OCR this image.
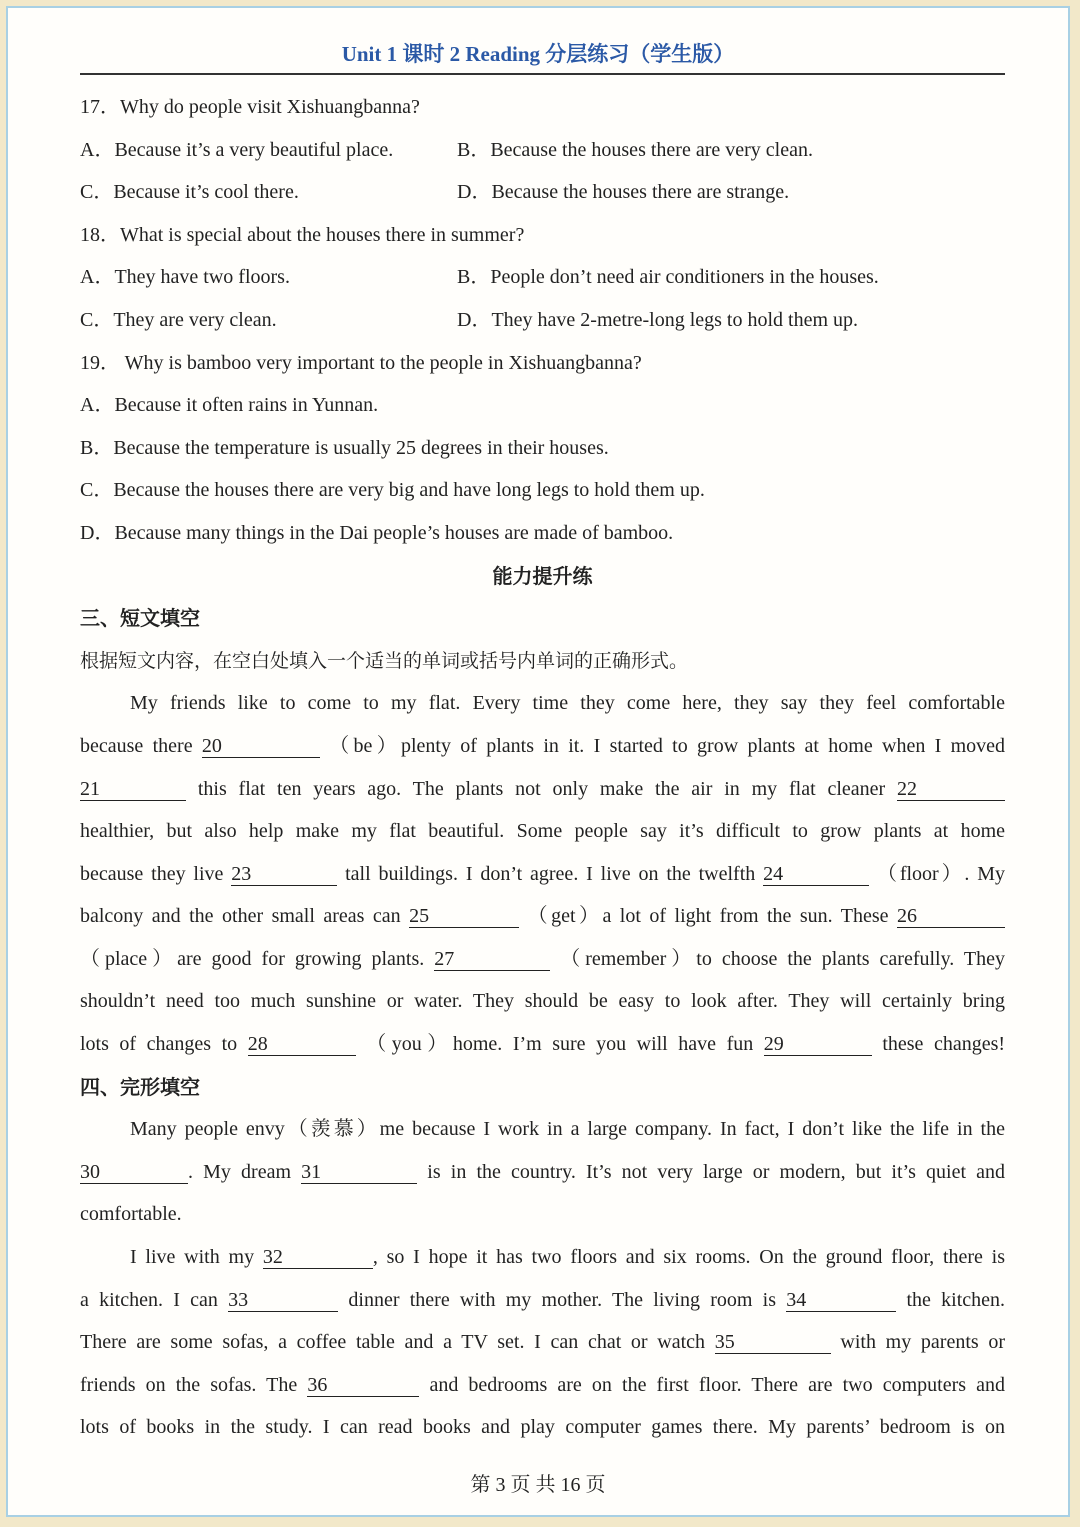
Unit 1 课时 2 Reading 分层练习（学生版）
17．Why do people visit Xishuangbanna?
A．Because it’s a very beautiful place.	B．Because the houses there are very clean.
C．Because it’s cool there.	D．Because the houses there are strange.
18．What is special about the houses there in summer?
A．They have two floors.	B．People don’t need air conditioners in the houses.
C．They are very clean.	D．They have 2-metre-long legs to hold them up.
19． Why is bamboo very important to the people in Xishuangbanna?
A．Because it often rains in Yunnan.
B．Because the temperature is usually 25 degrees in their houses.
C．Because the houses there are very big and have long legs to hold them up.
D．Because many things in the Dai people’s houses are made of bamboo.
能力提升练
三、短文填空
根据短文内容，在空白处填入一个适当的单词或括号内单词的正确形式。
My friends like to come to my flat. Every time they come here, they say they feel comfortable
because there 20	（be）plenty of plants in it. I started to grow plants at home when I moved
21	this flat ten years ago. The plants not only make the air in my flat cleaner 22
healthier, but also help make my flat beautiful. Some people say it’s difficult to grow plants at home
because they live 23	tall buildings. I don’t agree. I live on the twelfth 24	（floor）. My
balcony and the other small areas can 25	（get）a lot of light from the sun. These 26
（place）are good for growing plants. 27	（remember）to choose the plants carefully. They
shouldn’t need too much sunshine or water. They should be easy to look after. They will certainly bring
lots of changes to 28	（you）home. I’m sure you will have fun 29	these changes!
四、完形填空
Many people envy（羡慕）me because I work in a large company. In fact, I don’t like the life in the
30	. My dream 31	is in the country. It’s not very large or modern, but it’s quiet and
comfortable.
I live with my 32	, so I hope it has two floors and six rooms. On the ground floor, there is
a kitchen. I can 33	dinner there with my mother. The living room is 34	the kitchen.
There are some sofas, a coffee table and a TV set. I can chat or watch 35	with my parents or
friends on the sofas. The 36	and bedrooms are on the first floor. There are two computers and
lots of books in the study. I can read books and play computer games there. My parents’ bedroom is on
第 3 页 共 16 页
